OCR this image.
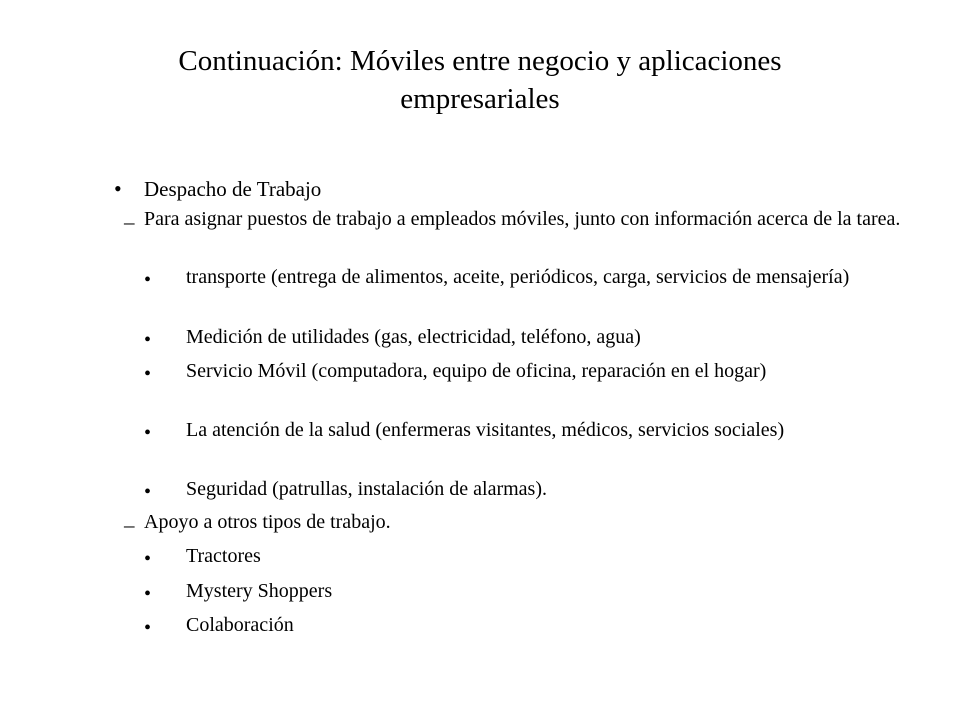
Continuación: Móviles entre negocio y aplicaciones
empresariales
• Despacho de Trabajo
– Para asignar puestos de trabajo a empleados móviles, junto con información acerca de la tarea.
• transporte (entrega de alimentos, aceite, periódicos, carga, servicios de mensajería)
• Medición de utilidades (gas, electricidad, teléfono, agua)
• Servicio Móvil (computadora, equipo de oficina, reparación en el hogar)
• La atención de la salud (enfermeras visitantes, médicos, servicios sociales)
• Seguridad (patrullas, instalación de alarmas).
– Apoyo a otros tipos de trabajo.
• Tractores
• Mystery Shoppers
• Colaboración
